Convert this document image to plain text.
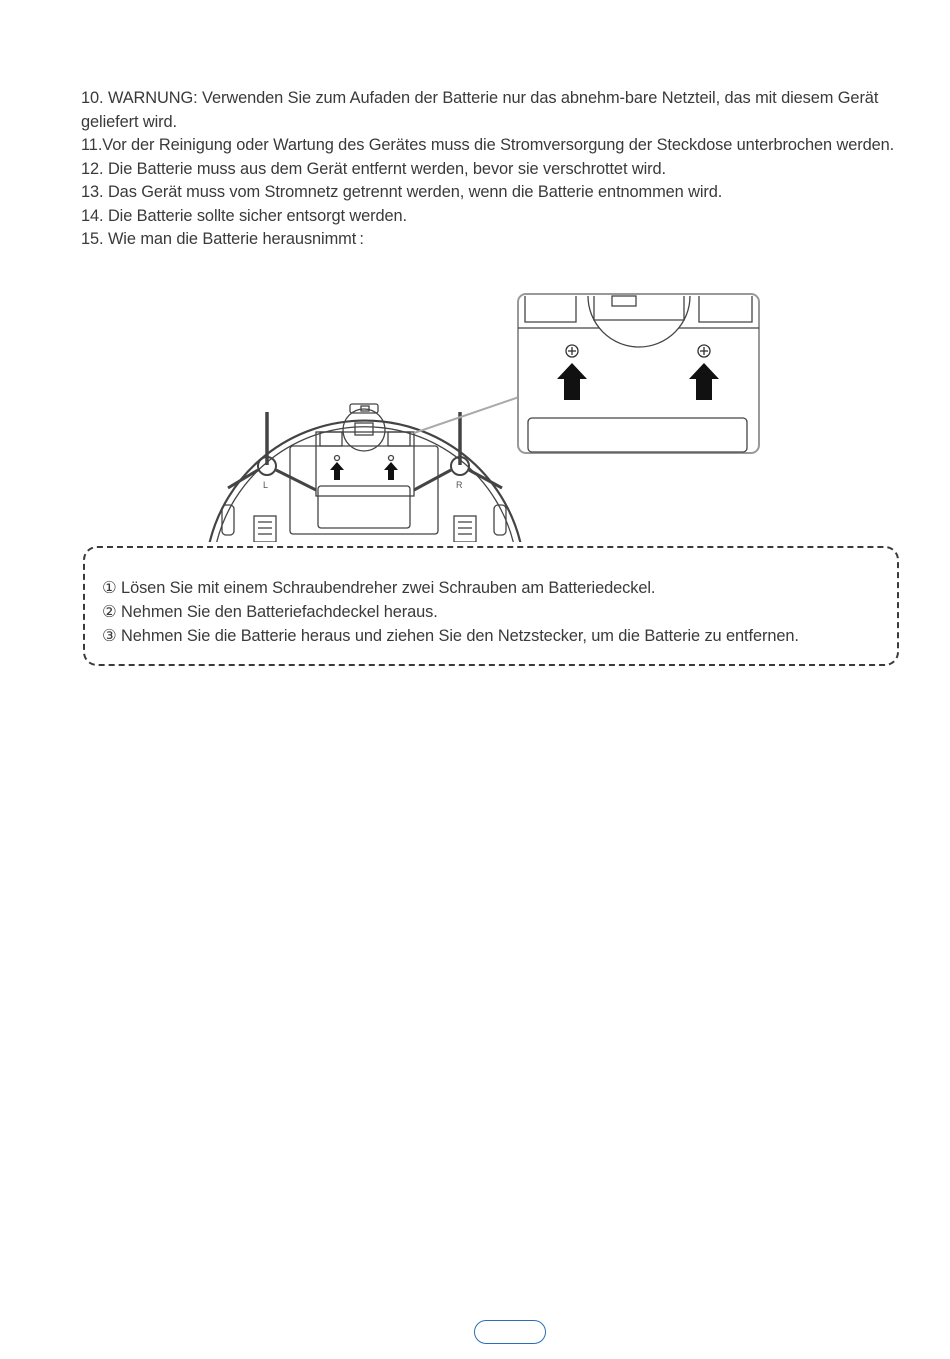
10. WARNUNG: Verwenden Sie zum Aufaden der Batterie nur das abnehm-bare Netzteil, das mit diesem Gerät geliefert wird.
11.Vor der Reinigung oder Wartung des Gerätes muss die Stromversorgung der Steckdose unterbrochen werden.
12. Die Batterie muss aus dem Gerät entfernt werden, bevor sie verschrottet wird.
13. Das Gerät muss vom Stromnetz getrennt werden, wenn die Batterie entnommen wird.
14. Die Batterie sollte sicher entsorgt werden.
15. Wie man die Batterie herausnimmt :
L	R
① Lösen Sie mit einem Schraubendreher zwei Schrauben am Batteriedeckel.
② Nehmen Sie den Batteriefachdeckel heraus.
③ Nehmen Sie die Batterie heraus und ziehen Sie den Netzstecker, um die Batterie zu entfernen.
